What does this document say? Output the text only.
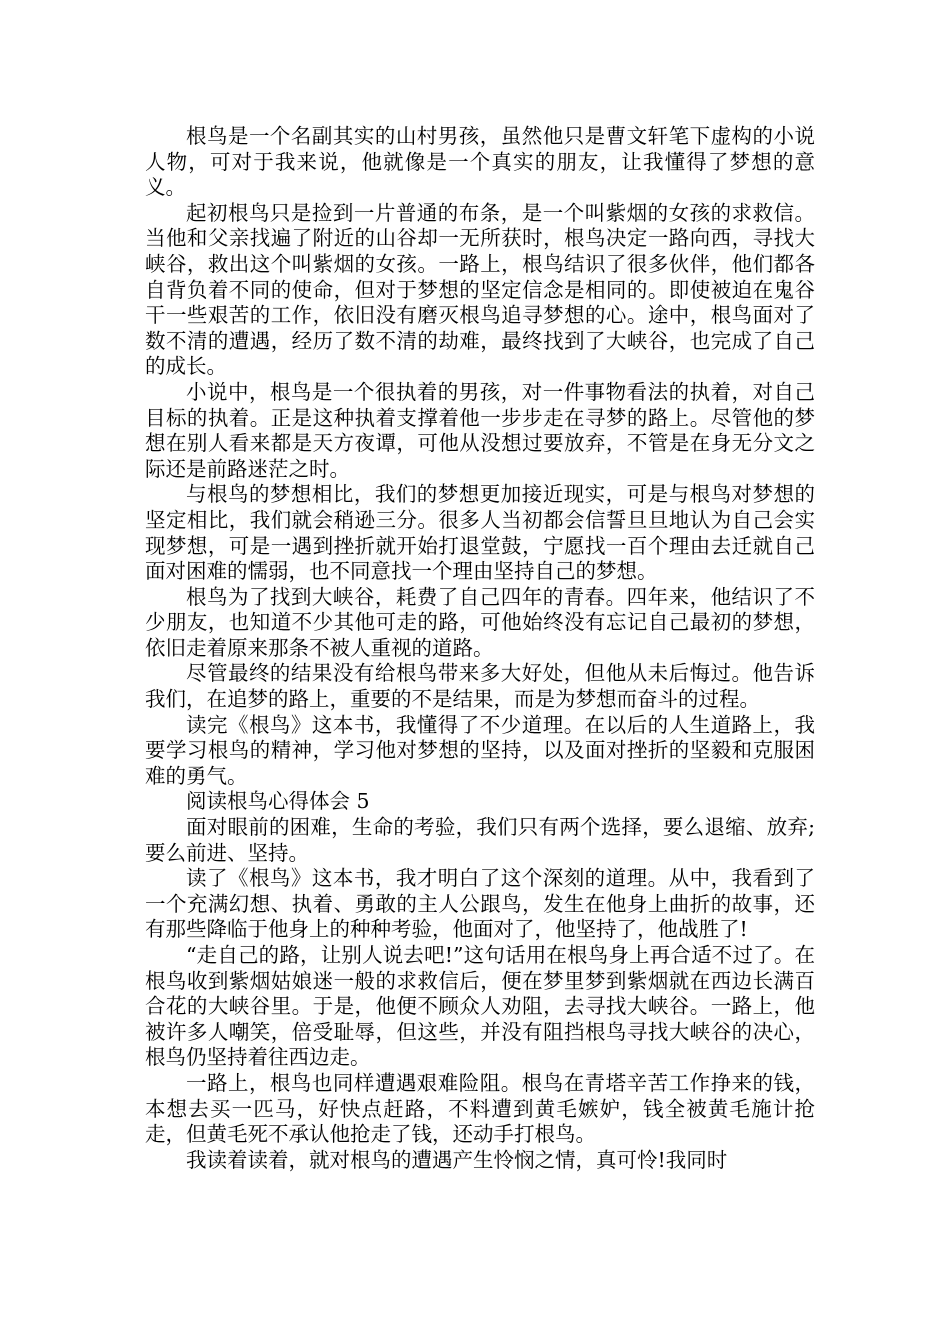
根鸟是一个名副其实的山村男孩，虽然他只是曹文轩笔下虚构的小说人物，可对于我来说，他就像是一个真实的朋友，让我懂得了梦想的意义。

起初根鸟只是捡到一片普通的布条，是一个叫紫烟的女孩的求救信。当他和父亲找遍了附近的山谷却一无所获时，根鸟决定一路向西，寻找大峡谷，救出这个叫紫烟的女孩。一路上，根鸟结识了很多伙伴，他们都各自背负着不同的使命，但对于梦想的坚定信念是相同的。即使被迫在鬼谷干一些艰苦的工作，依旧没有磨灭根鸟追寻梦想的心。途中，根鸟面对了数不清的遭遇，经历了数不清的劫难，最终找到了大峡谷，也完成了自己的成长。

小说中，根鸟是一个很执着的男孩，对一件事物看法的执着，对自己目标的执着。正是这种执着支撑着他一步步走在寻梦的路上。尽管他的梦想在别人看来都是天方夜谭，可他从没想过要放弃，不管是在身无分文之际还是前路迷茫之时。

与根鸟的梦想相比，我们的梦想更加接近现实，可是与根鸟对梦想的坚定相比，我们就会稍逊三分。很多人当初都会信誓旦旦地认为自己会实现梦想，可是一遇到挫折就开始打退堂鼓，宁愿找一百个理由去迁就自己面对困难的懦弱，也不同意找一个理由坚持自己的梦想。

根鸟为了找到大峡谷，耗费了自己四年的青春。四年来，他结识了不少朋友，也知道不少其他可走的路，可他始终没有忘记自己最初的梦想，依旧走着原来那条不被人重视的道路。

尽管最终的结果没有给根鸟带来多大好处，但他从未后悔过。他告诉我们，在追梦的路上，重要的不是结果，而是为梦想而奋斗的过程。

读完《根鸟》这本书，我懂得了不少道理。在以后的人生道路上，我要学习根鸟的精神，学习他对梦想的坚持，以及面对挫折的坚毅和克服困难的勇气。

阅读根鸟心得体会 5

面对眼前的困难，生命的考验，我们只有两个选择，要么退缩、放弃;要么前进、坚持。

读了《根鸟》这本书，我才明白了这个深刻的道理。从中，我看到了一个充满幻想、执着、勇敢的主人公跟鸟，发生在他身上曲折的故事，还有那些降临于他身上的种种考验，他面对了，他坚持了，他战胜了!

“走自己的路，让别人说去吧!”这句话用在根鸟身上再合适不过了。在根鸟收到紫烟姑娘迷一般的求救信后，便在梦里梦到紫烟就在西边长满百合花的大峡谷里。于是，他便不顾众人劝阻，去寻找大峡谷。一路上，他被许多人嘲笑，倍受耻辱，但这些，并没有阻挡根鸟寻找大峡谷的决心，根鸟仍坚持着往西边走。

一路上，根鸟也同样遭遇艰难险阻。根鸟在青塔辛苦工作挣来的钱，本想去买一匹马，好快点赶路，不料遭到黄毛嫉妒，钱全被黄毛施计抢走，但黄毛死不承认他抢走了钱，还动手打根鸟。

我读着读着，就对根鸟的遭遇产生怜悯之情，真可怜!我同时
